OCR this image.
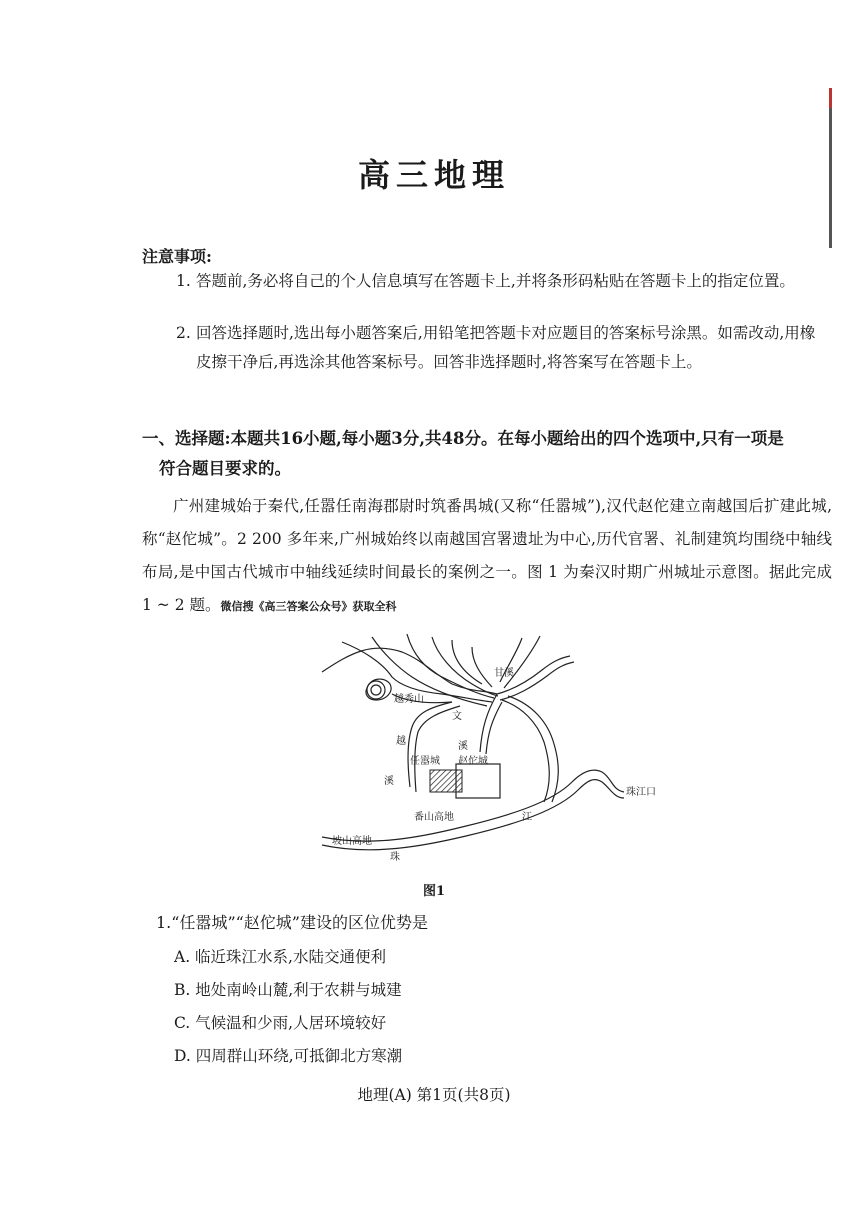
高三地理
注意事项:
1. 答题前,务必将自己的个人信息填写在答题卡上,并将条形码粘贴在答题卡上的指定位置。
2. 回答选择题时,选出每小题答案后,用铅笔把答题卡对应题目的答案标号涂黑。如需改动,用橡皮擦干净后,再选涂其他答案标号。回答非选择题时,将答案写在答题卡上。
一、选择题:本题共16小题,每小题3分,共48分。在每小题给出的四个选项中,只有一项是
符合题目要求的。
广州建城始于秦代,任嚣任南海郡尉时筑番禺城(又称“任嚣城”),汉代赵佗建立南越国后扩建此城,称“赵佗城”。2 200 多年来,广州城始终以南越国宫署遗址为中心,历代官署、礼制建筑均围绕中轴线布局,是中国古代城市中轴线延续时间最长的案例之一。图 1 为秦汉时期广州城址示意图。据此完成 1 ~ 2 题。微信搜《高三答案公众号》获取全科
甘溪
越秀山
文
溪
越
任嚣城 赵佗城
溪
珠江口
番山高地	江
坡山高地
珠
图1
1.“任嚣城”“赵佗城”建设的区位优势是
A. 临近珠江水系,水陆交通便利
B. 地处南岭山麓,利于农耕与城建
C. 气候温和少雨,人居环境较好
D. 四周群山环绕,可抵御北方寒潮
地理(A) 第1页(共8页)
